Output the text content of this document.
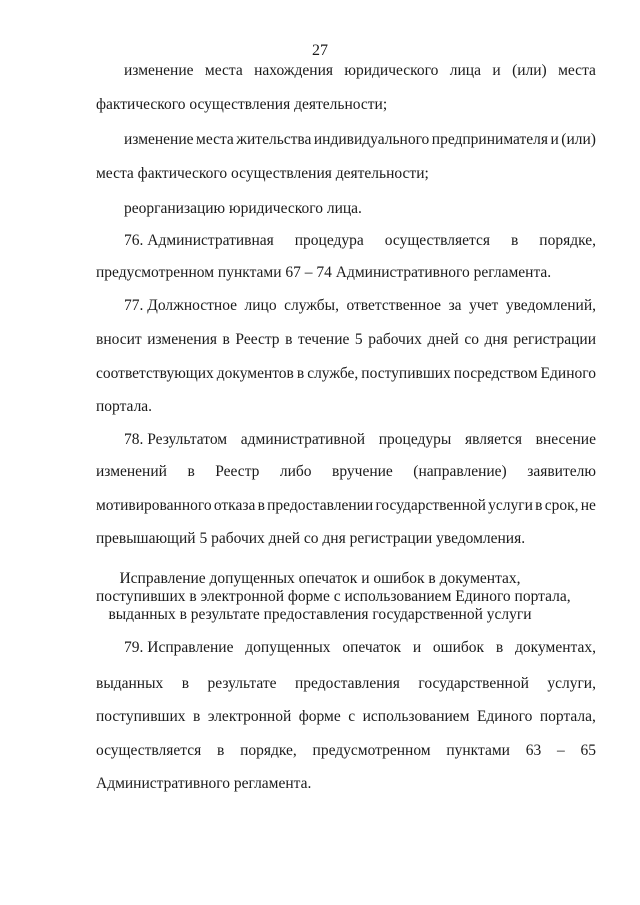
27
изменение места нахождения юридического лица и (или) места
фактического осуществления деятельности;
изменение места жительства индивидуального предпринимателя и (или)
места фактического осуществления деятельности;
реорганизацию юридического лица.
76. Административная процедура осуществляется в порядке,
предусмотренном пунктами 67 – 74 Административного регламента.
77. Должностное лицо службы, ответственное за учет уведомлений,
вносит изменения в Реестр в течение 5 рабочих дней со дня регистрации
соответствующих документов в службе, поступивших посредством Единого
портала.
78. Результатом административной процедуры является внесение
изменений в Реестр либо вручение (направление) заявителю
мотивированного отказа в предоставлении государственной услуги в срок, не
превышающий 5 рабочих дней со дня регистрации уведомления.
Исправление допущенных опечаток и ошибок в документах,
поступивших в электронной форме с использованием Единого портала,
выданных в результате предоставления государственной услуги
79. Исправление допущенных опечаток и ошибок в документах,
выданных в результате предоставления государственной услуги,
поступивших в электронной форме с использованием Единого портала,
осуществляется в порядке, предусмотренном пунктами 63 – 65
Административного регламента.
